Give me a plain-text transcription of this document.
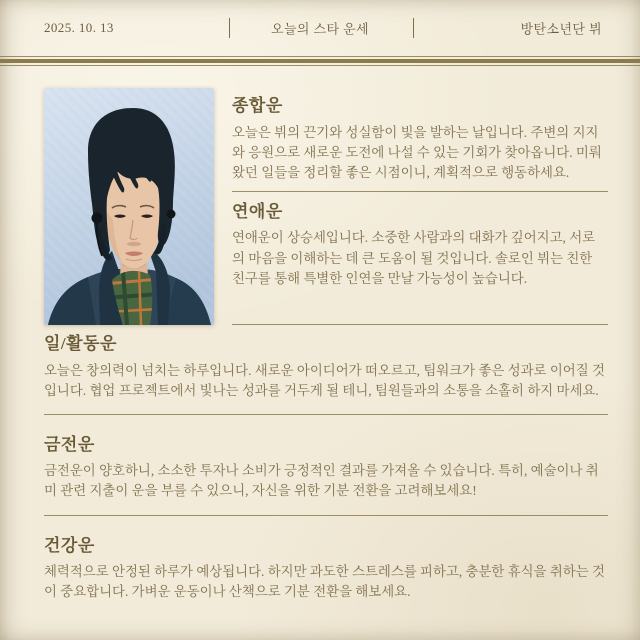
2025. 10. 13	오늘의 스타 운세	방탄소년단 뷔
종합운

오늘은 뷔의 끈기와 성실함이 빛을 발하는 날입니다. 주변의 지지와 응원으로 새로운 도전에 나설 수 있는 기회가 찾아옵니다. 미뤄왔던 일들을 정리할 좋은 시점이니, 계획적으로 행동하세요.

연애운

연애운이 상승세입니다. 소중한 사람과의 대화가 깊어지고, 서로의 마음을 이해하는 데 큰 도움이 될 것입니다. 솔로인 뷔는 친한 친구를 통해 특별한 인연을 만날 가능성이 높습니다.

일/활동운

오늘은 창의력이 넘치는 하루입니다. 새로운 아이디어가 떠오르고, 팀워크가 좋은 성과로 이어질 것입니다. 협업 프로젝트에서 빛나는 성과를 거두게 될 테니, 팀원들과의 소통을 소홀히 하지 마세요.

금전운

금전운이 양호하니, 소소한 투자나 소비가 긍정적인 결과를 가져올 수 있습니다. 특히, 예술이나 취미 관련 지출이 운을 부를 수 있으니, 자신을 위한 기분 전환을 고려해보세요!

건강운

체력적으로 안정된 하루가 예상됩니다. 하지만 과도한 스트레스를 피하고, 충분한 휴식을 취하는 것이 중요합니다. 가벼운 운동이나 산책으로 기분 전환을 해보세요.
